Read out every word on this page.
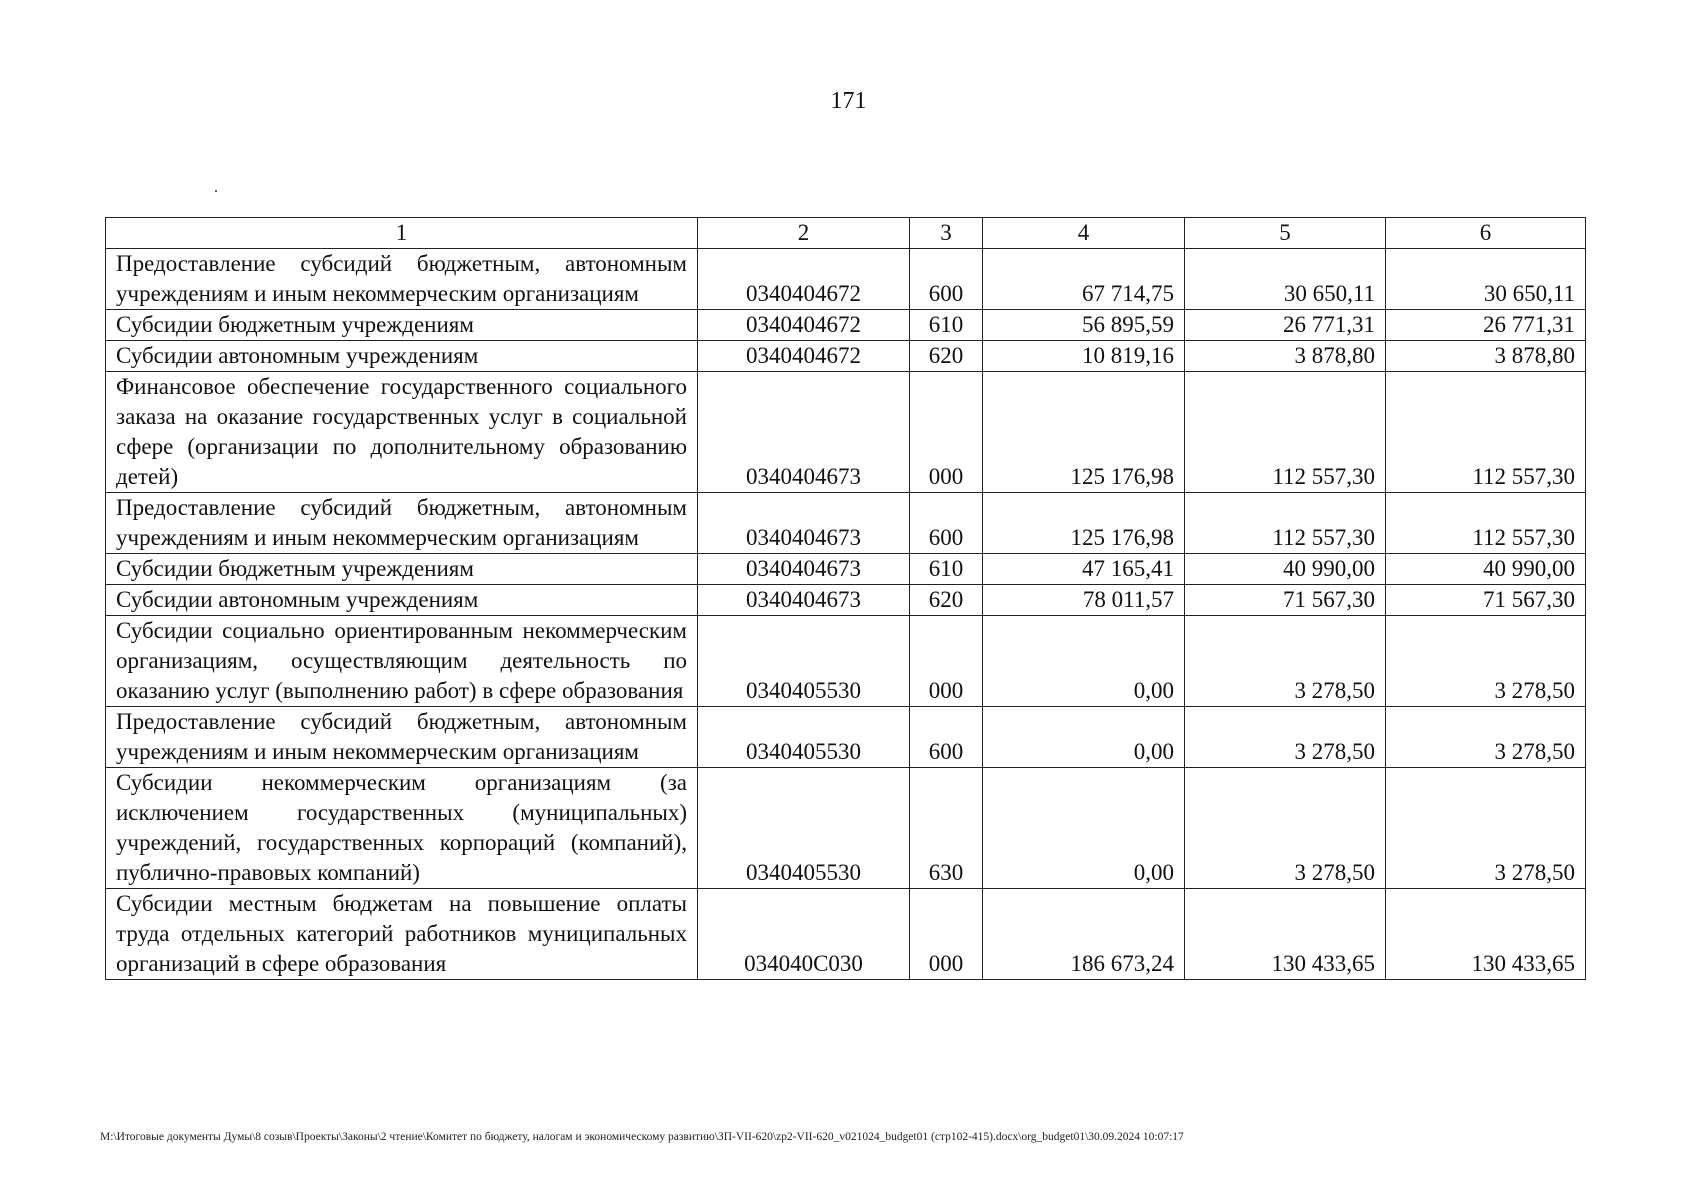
171
1	2	3	4	5	6
Предоставление субсидий бюджетным, автономным учреждениям и иным некоммерческим организациям	0340404672	600	67 714,75	30 650,11	30 650,11
Субсидии бюджетным учреждениям	0340404672	610	56 895,59	26 771,31	26 771,31
Субсидии автономным учреждениям	0340404672	620	10 819,16	3 878,80	3 878,80
Финансовое обеспечение государственного социального заказа на оказание государственных услуг в социальной сфере (организации по дополнительному образованию детей)	0340404673	000	125 176,98	112 557,30	112 557,30
Предоставление субсидий бюджетным, автономным учреждениям и иным некоммерческим организациям	0340404673	600	125 176,98	112 557,30	112 557,30
Субсидии бюджетным учреждениям	0340404673	610	47 165,41	40 990,00	40 990,00
Субсидии автономным учреждениям	0340404673	620	78 011,57	71 567,30	71 567,30
Субсидии социально ориентированным некоммерческим организациям, осуществляющим деятельность по оказанию услуг (выполнению работ) в сфере образования	0340405530	000	0,00	3 278,50	3 278,50
Предоставление субсидий бюджетным, автономным учреждениям и иным некоммерческим организациям	0340405530	600	0,00	3 278,50	3 278,50
Субсидии некоммерческим организациям (за исключением государственных (муниципальных) учреждений, государственных корпораций (компаний), публично-правовых компаний)	0340405530	630	0,00	3 278,50	3 278,50
Субсидии местным бюджетам на повышение оплаты труда отдельных категорий работников муниципальных организаций в сфере образования	034040С030	000	186 673,24	130 433,65	130 433,65
M:\Итоговые документы Думы\8 созыв\Проекты\Законы\2 чтение\Комитет по бюджету, налогам и экономическому развитию\ЗП-VII-620\zp2-VII-620_v021024_budget01 (стр102-415).docx\org_budget01\30.09.2024 10:07:17
